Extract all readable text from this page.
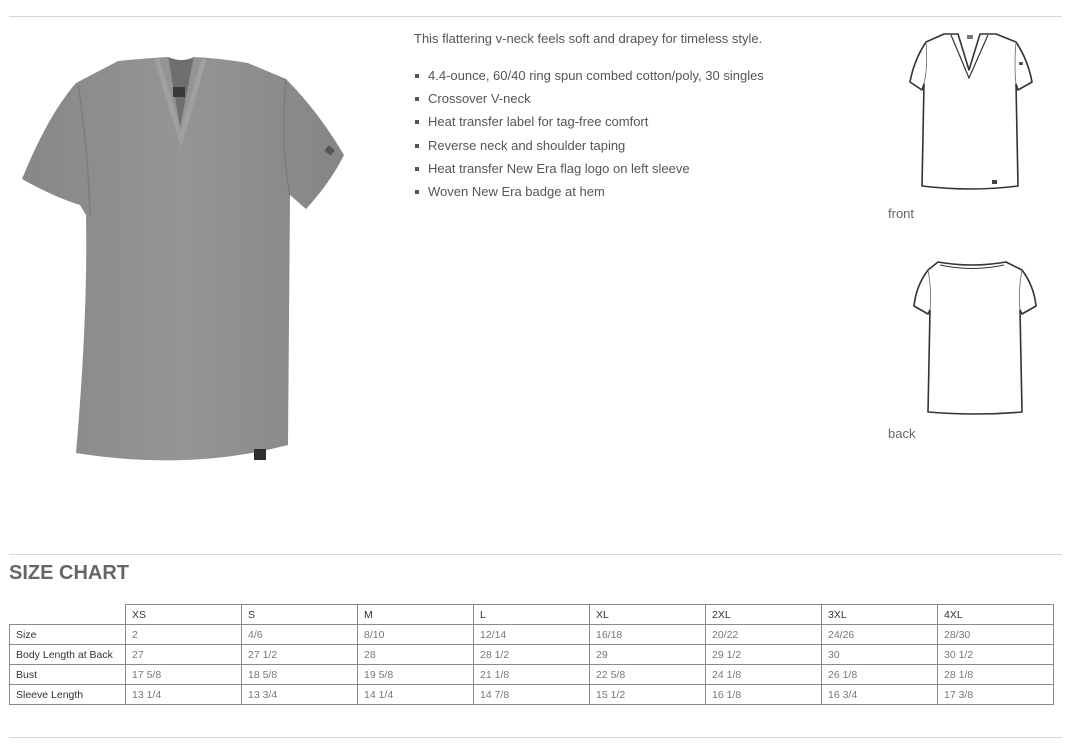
This flattering v-neck feels soft and drapey for timeless style.

4.4-ounce, 60/40 ring spun combed cotton/poly, 30 singles
Crossover V-neck
Heat transfer label for tag-free comfort
Reverse neck and shoulder taping
Heat transfer New Era flag logo on left sleeve
Woven New Era badge at hem
front
back
SIZE CHART
	XS	S	M	L	XL	2XL	3XL	4XL
Size	2	4/6	8/10	12/14	16/18	20/22	24/26	28/30
Body Length at Back	27	27 1/2	28	28 1/2	29	29 1/2	30	30 1/2
Bust	17 5/8	18 5/8	19 5/8	21 1/8	22 5/8	24 1/8	26 1/8	28 1/8
Sleeve Length	13 1/4	13 3/4	14 1/4	14 7/8	15 1/2	16 1/8	16 3/4	17 3/8
